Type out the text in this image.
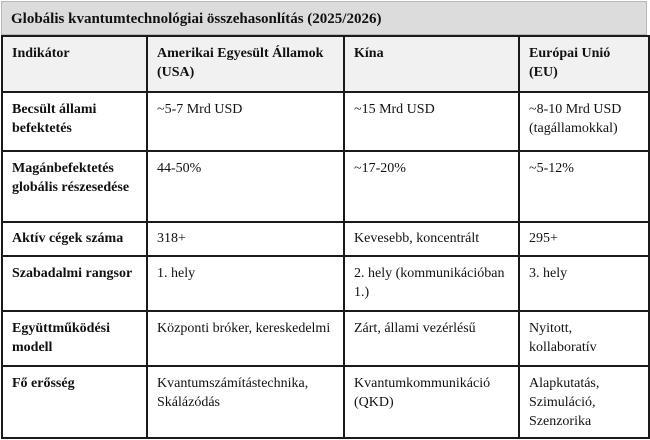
Globális kvantumtechnológiai összehasonlítás (2025/2026)
Indikátor	Amerikai Egyesült Államok (USA)	Kína	Európai Unió (EU)
Becsült állami befektetés	~5-7 Mrd USD	~15 Mrd USD	~8-10 Mrd USD (tagállamokkal)
Magánbefektetés globális részesedése	44-50%	~17-20%	~5-12%
Aktív cégek száma	318+	Kevesebb, koncentrált	295+
Szabadalmi rangsor	1. hely	2. hely (kommunikációban 1.)	3. hely
Együttműködési modell	Központi bróker, kereskedelmi	Zárt, állami vezérlésű	Nyitott, kollaboratív
Fő erősség	Kvantumszámítástechnika, Skálázódás	Kvantumkommunikáció (QKD)	Alapkutatás, Szimuláció, Szenzorika
